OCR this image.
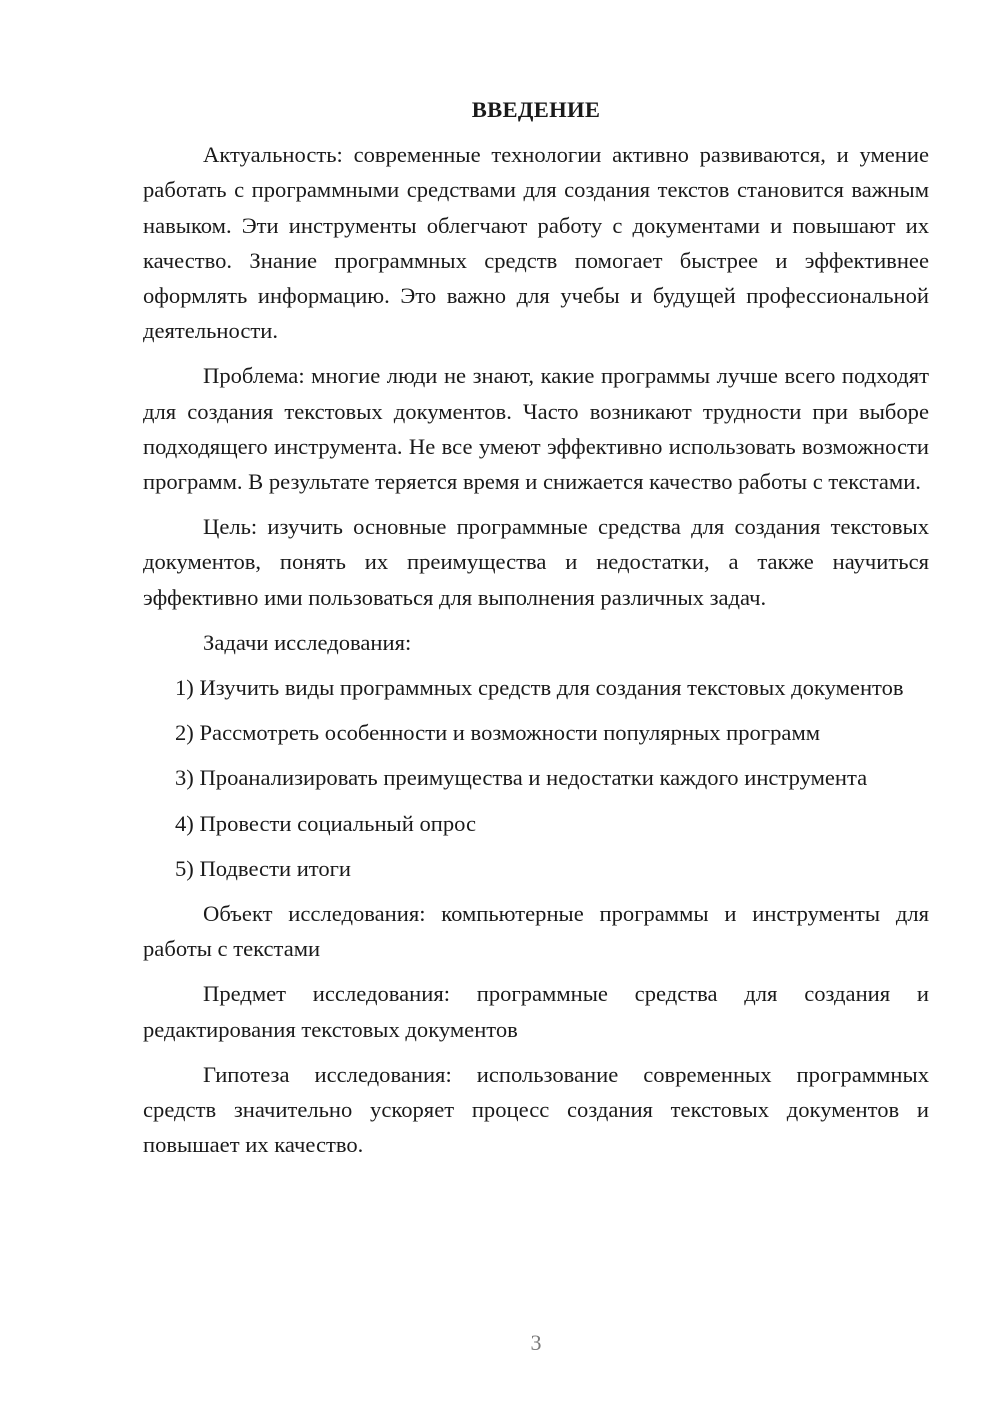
ВВЕДЕНИЕ

Актуальность: современные технологии активно развиваются, и умение работать с программными средствами для создания текстов становится важным навыком. Эти инструменты облегчают работу с документами и повышают их качество. Знание программных средств помогает быстрее и эффективнее оформлять информацию. Это важно для учебы и будущей профессиональной деятельности.

Проблема: многие люди не знают, какие программы лучше всего подходят для создания текстовых документов. Часто возникают трудности при выборе подходящего инструмента. Не все умеют эффективно использовать возможности программ. В результате теряется время и снижается качество работы с текстами.

Цель: изучить основные программные средства для создания текстовых документов, понять их преимущества и недостатки, а также научиться эффективно ими пользоваться для выполнения различных задач.

Задачи исследования:

1) Изучить виды программных средств для создания текстовых документов

2) Рассмотреть особенности и возможности популярных программ

3) Проанализировать преимущества и недостатки каждого инструмента

4) Провести социальный опрос

5) Подвести итоги

Объект исследования: компьютерные программы и инструменты для работы с текстами

Предмет исследования: программные средства для создания и редактирования текстовых документов

Гипотеза исследования: использование современных программных средств значительно ускоряет процесс создания текстовых документов и повышает их качество.

3
